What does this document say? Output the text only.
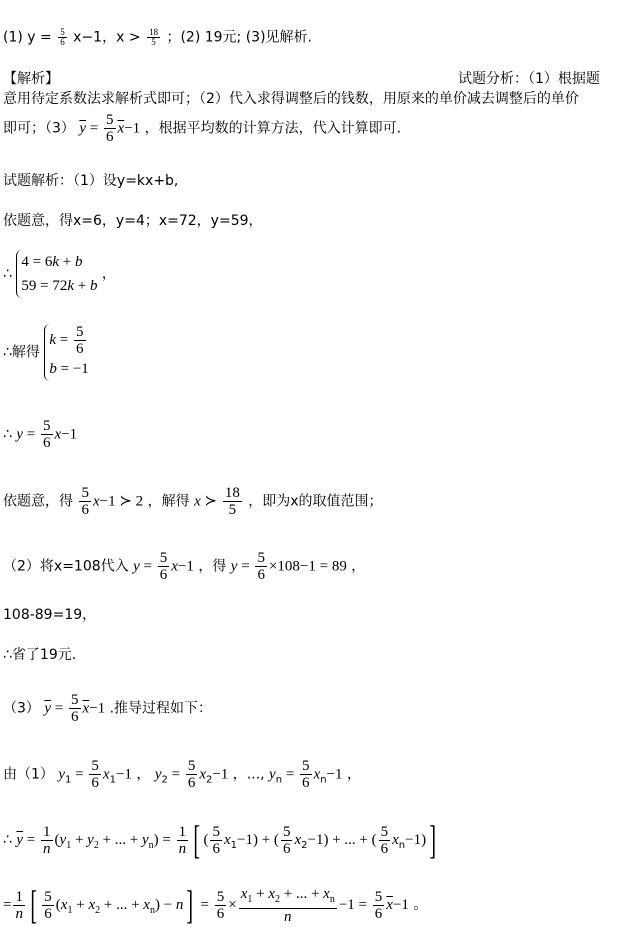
(1) $y = \frac{5}{6} x-1$，$x > \frac{18}{5}$ ；(2) 19元; (3)见解析.
【解析】	试题分析：（1）根据题
意用待定系数法求解析式即可；（2）代入求得调整后的钱数，用原来的单价减去调整后的单价
即可；（3） $\overline{y} = \frac{5}{6} \overline{x}-1$ ，根据平均数的计算方法，代入计算即可.
试题解析：（1）设y=kx+b,
依题意，得x=6，y=4；x=72，y=59，
∴
4 = 6k + b
59 = 72k + b
，
∴解得
$k = \frac{5}{6}$
b = −1
∴ $y = \frac{5}{6} x-1$
依题意，得 $\frac{5}{6} x-1$ ≻ 2 ，解得 x ≻ $\frac{18}{5}$ ，即为x的取值范围；
（2）将x=108代入 $y = \frac{5}{6} x-1$ ，得 $y = \frac{5}{6} \times 108-1 = 89$ ，
108-89=19，
∴省了19元.
（3） $\overline{y} = \frac{5}{6} \overline{x}-1$ .推导过程如下：
由（1） $y_1 = \frac{5}{6} x_1-1$ ， $y_2 = \frac{5}{6} x_2-1$ ，..., $y_n = \frac{5}{6} x_n-1$ ，
∴ $\overline{y} = \frac{1}{n} (y_1 + y_2$ + ... + $y_n) = \frac{1}{n}$ [ ( $\frac{5}{6} x_1-1$) + ( $\frac{5}{6} x_2-1$) + ... + ( $\frac{5}{6} x_n-1$)]
= $\frac{1}{n}$ [ $\frac{5}{6} (x_1 + x_2$ + ... + $x_n) - n] = \frac{5}{6} \times \frac{x_1 + x_2 + ... + x_n}{n} -1 = \frac{5}{6} \overline{x}-1$ 。
